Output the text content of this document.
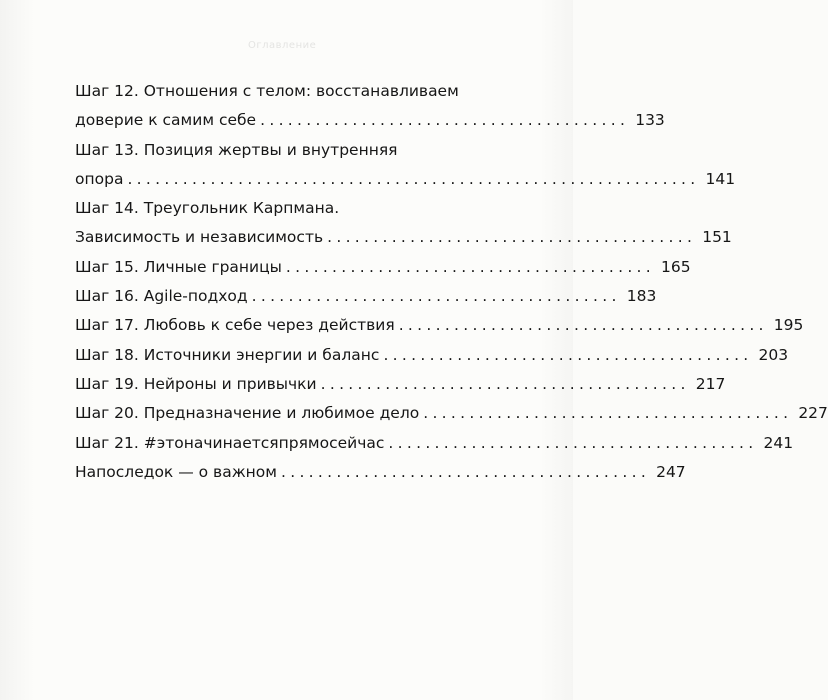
Оглавление
Шаг 12. Отношения с телом: восстанавливаем
доверие к самим себе ........................................ 133
Шаг 13. Позиция жертвы и внутренняя
опора .............................................................. 141
Шаг 14. Треугольник Карпмана.
Зависимость и независимость ........................................ 151
Шаг 15. Личные границы ........................................ 165
Шаг 16. Agile-подход ........................................ 183
Шаг 17. Любовь к себе через действия ........................................ 195
Шаг 18. Источники энергии и баланс ........................................ 203
Шаг 19. Нейроны и привычки ........................................ 217
Шаг 20. Предназначение и любимое дело ........................................ 227
Шаг 21. #этоначинаетсяпрямосейчас ........................................ 241
Напоследок — о важном ........................................ 247
